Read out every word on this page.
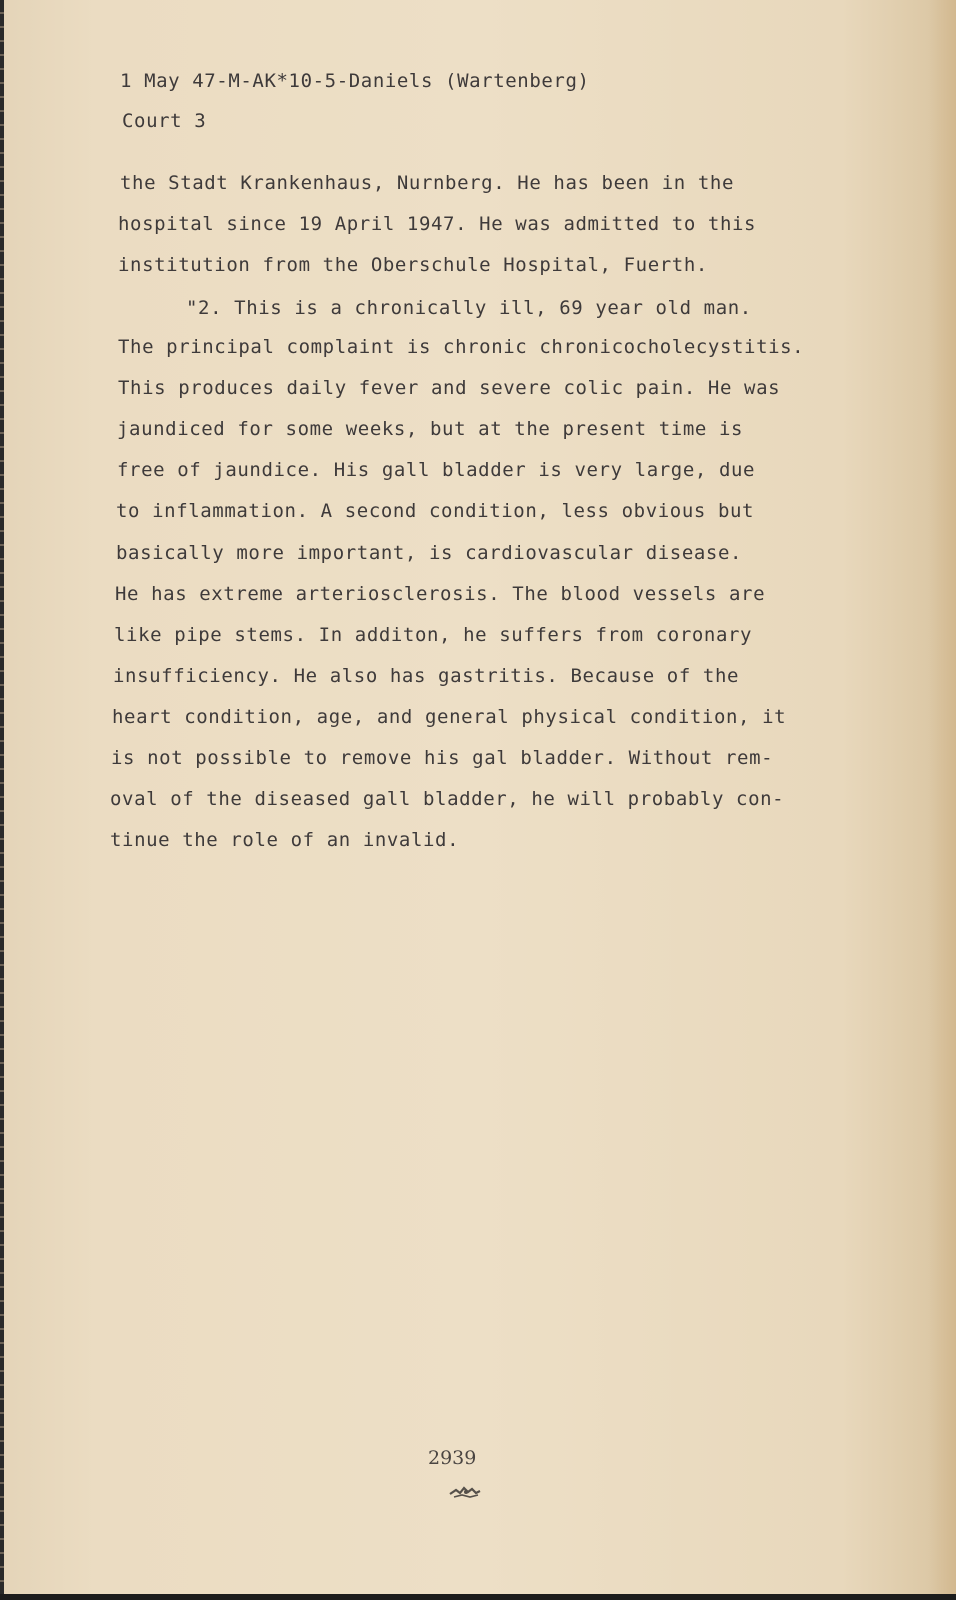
1 May 47-M-AK*10-5-Daniels (Wartenberg)
Court 3
the Stadt Krankenhaus, Nurnberg. He has been in the
hospital since 19 April 1947. He was admitted to this
institution from the Oberschule Hospital, Fuerth.
"2. This is a chronically ill, 69 year old man.
The principal complaint is chronic chronicocholecystitis.
This produces daily fever and severe colic pain. He was
jaundiced for some weeks, but at the present time is
free of jaundice. His gall bladder is very large, due
to inflammation. A second condition, less obvious but
basically more important, is cardiovascular disease.
He has extreme arteriosclerosis. The blood vessels are
like pipe stems. In additon, he suffers from coronary
insufficiency. He also has gastritis. Because of the
heart condition, age, and general physical condition, it
is not possible to remove his gal bladder. Without rem-
oval of the diseased gall bladder, he will probably con-
tinue the role of an invalid.
2939
